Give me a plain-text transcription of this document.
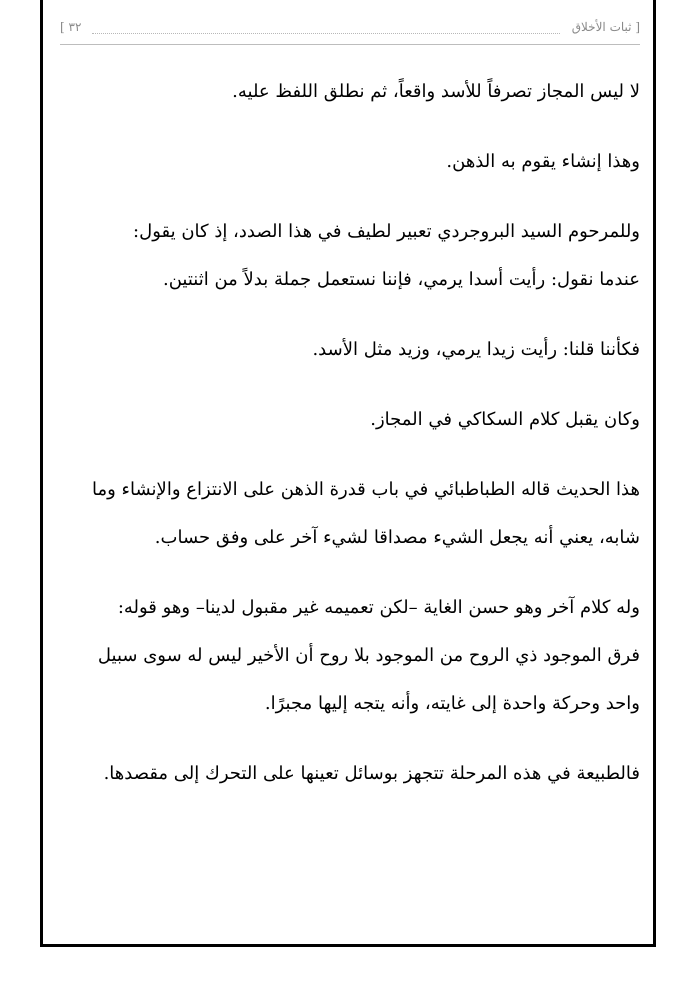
[ ثبات الأخلاق
٣٢ ]

لا ليس المجاز تصرفاً للأسد واقعاً، ثم نطلق اللفظ عليه.

وهذا إنشاء يقوم به الذهن.

وللمرحوم السيد البروجردي تعبير لطيف في هذا الصدد، إذ كان يقول:

عندما نقول: رأيت أسدا يرمي، فإننا نستعمل جملة بدلاً من اثنتين.

فكأننا قلنا: رأيت زيدا يرمي، وزيد مثل الأسد.

وكان يقبل كلام السكاكي في المجاز.

هذا الحديث قاله الطباطبائي في باب قدرة الذهن على الانتزاع والإنشاء وما

شابه، يعني أنه يجعل الشيء مصداقا لشيء آخر على وفق حساب.

وله كلام آخر وهو حسن الغاية –لكن تعميمه غير مقبول لدينا– وهو قوله:

فرق الموجود ذي الروح من الموجود بلا روح أن الأخير ليس له سوى سبيل

واحد وحركة واحدة إلى غايته، وأنه يتجه إليها مجبرًا.

فالطبيعة في هذه المرحلة تتجهز بوسائل تعينها على التحرك إلى مقصدها.
